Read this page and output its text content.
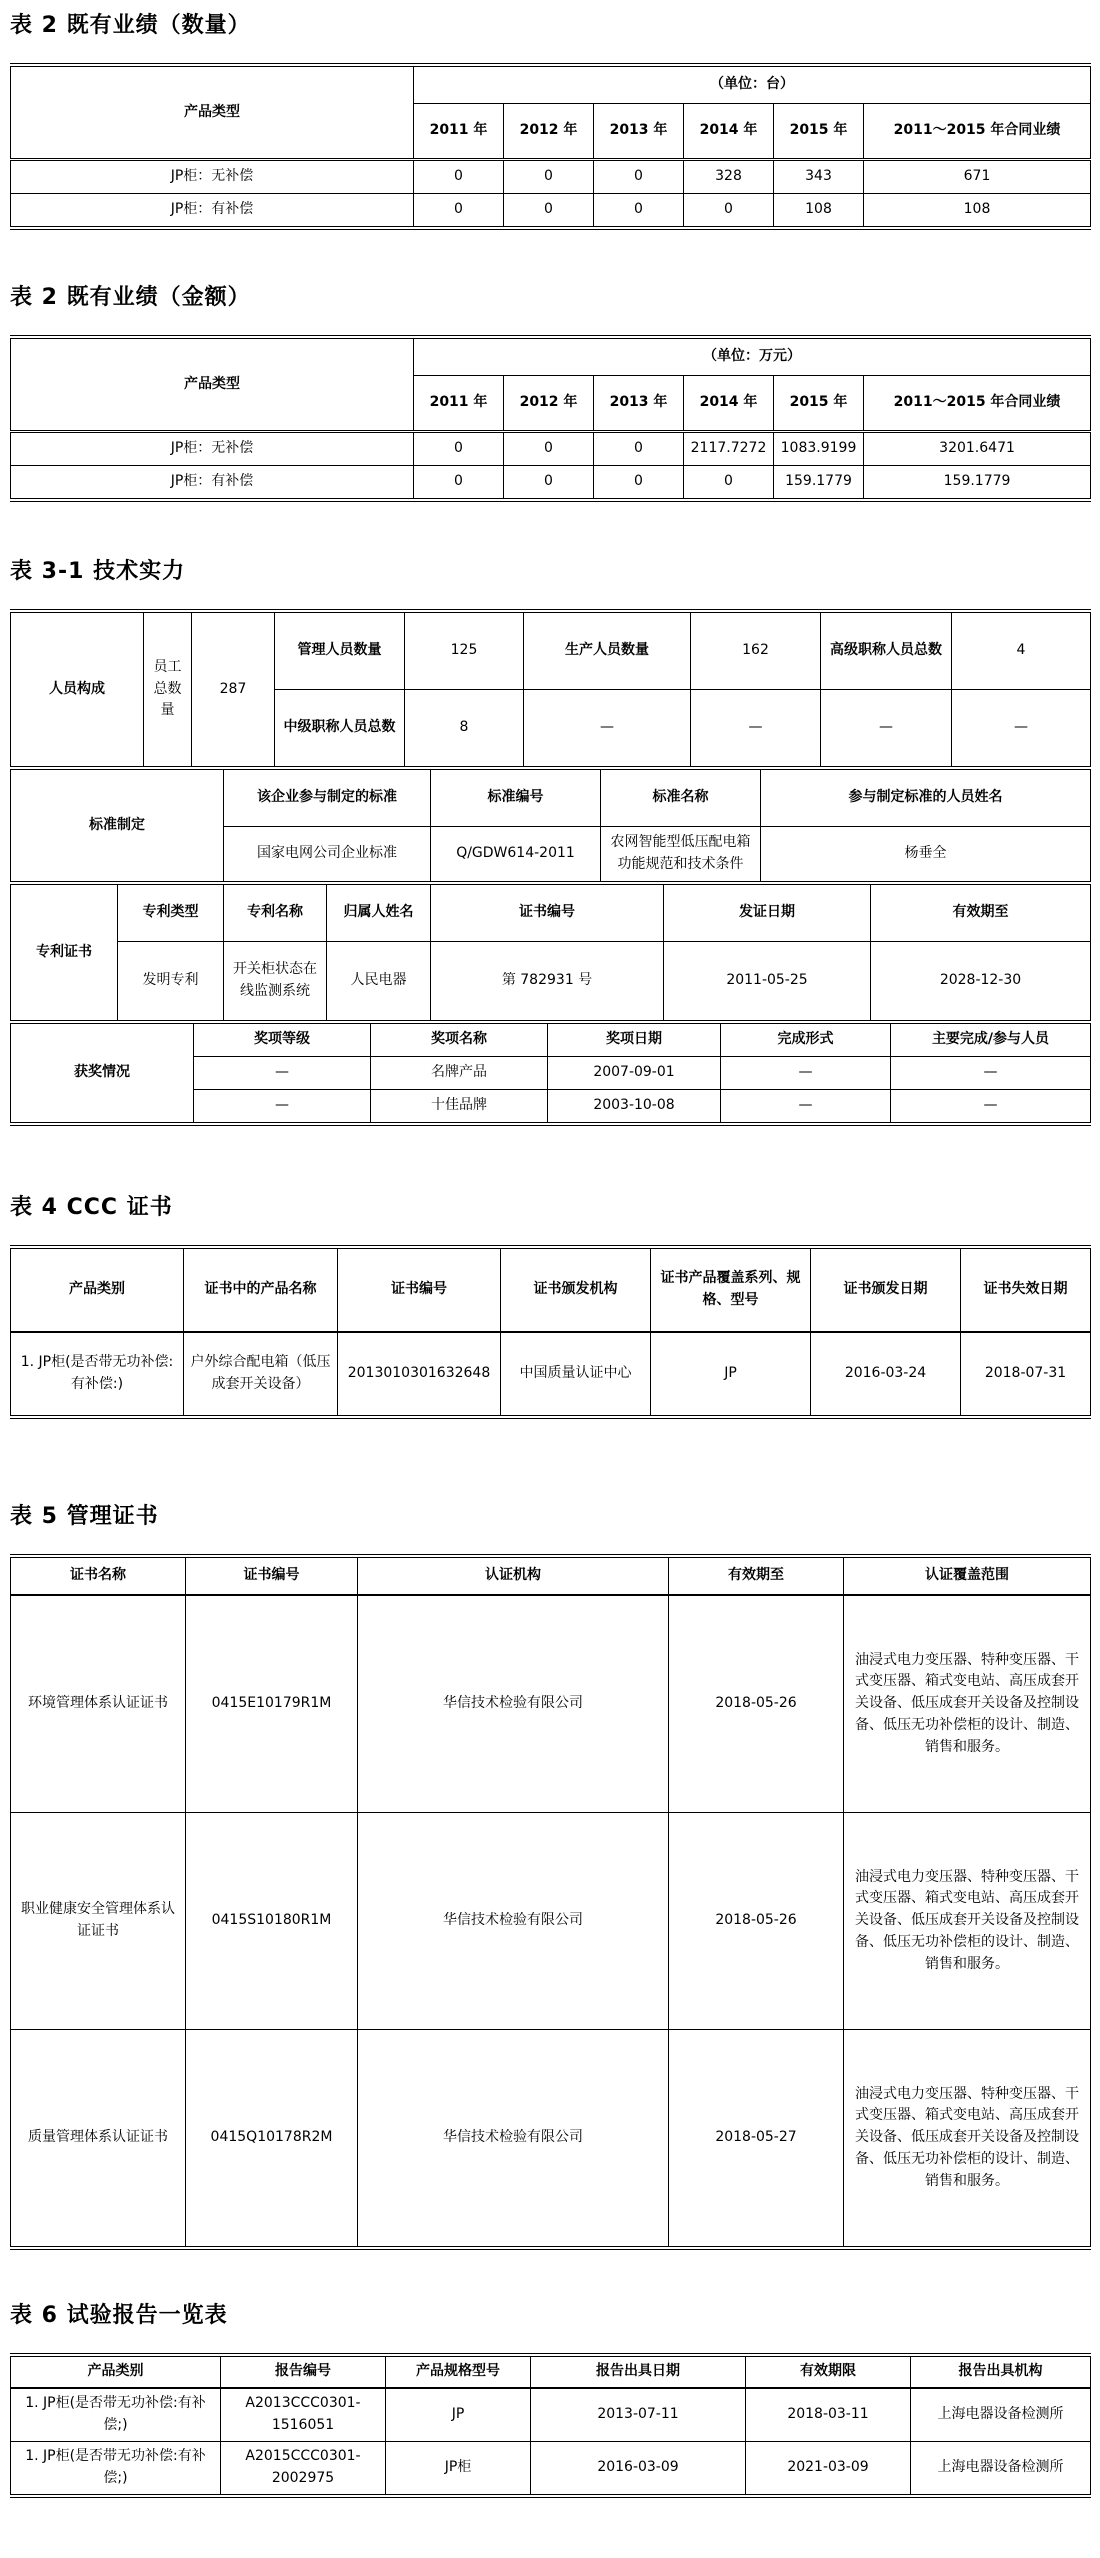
表 2 既有业绩（数量）
产品类型	（单位：台）					
	2011 年	2012 年	2013 年	2014 年	2015 年	2011～2015 年合同业绩
JP柜：无补偿	0	0	0	328	343	671
JP柜：有补偿	0	0	0	0	108	108
表 2 既有业绩（金额）
产品类型	（单位：万元）					
	2011 年	2012 年	2013 年	2014 年	2015 年	2011～2015 年合同业绩
JP柜：无补偿	0	0	0	2117.7272	1083.9199	3201.6471
JP柜：有补偿	0	0	0	0	159.1779	159.1779
表 3-1 技术实力
人员构成	员工总数量	287	管理人员数量	125	生产人员数量	162	高级职称人员总数	4
			中级职称人员总数	8	—	—	—	—
标准制定	该企业参与制定的标准	标准编号	标准名称	参与制定标准的人员姓名
	国家电网公司企业标准	Q/GDW614-2011	农网智能型低压配电箱功能规范和技术条件	杨垂全
专利证书	专利类型	专利名称	归属人姓名	证书编号	发证日期	有效期至
	发明专利	开关柜状态在线监测系统	人民电器	第 782931 号	2011-05-25	2028-12-30
获奖情况	奖项等级	奖项名称	奖项日期	完成形式	主要完成/参与人员
	—	名牌产品	2007-09-01	—	—
	—	十佳品牌	2003-10-08	—	—
表 4 CCC 证书
产品类别	证书中的产品名称	证书编号	证书颁发机构	证书产品覆盖系列、规格、型号	证书颁发日期	证书失效日期
1. JP柜(是否带无功补偿:有补偿:)	户外综合配电箱（低压成套开关设备）	2013010301632648	中国质量认证中心	JP	2016-03-24	2018-07-31
表 5 管理证书
证书名称	证书编号	认证机构	有效期至	认证覆盖范围
环境管理体系认证证书	0415E10179R1M	华信技术检验有限公司	2018-05-26	油浸式电力变压器、特种变压器、干式变压器、箱式变电站、高压成套开关设备、低压成套开关设备及控制设备、低压无功补偿柜的设计、制造、销售和服务。
职业健康安全管理体系认证证书	0415S10180R1M	华信技术检验有限公司	2018-05-26	油浸式电力变压器、特种变压器、干式变压器、箱式变电站、高压成套开关设备、低压成套开关设备及控制设备、低压无功补偿柜的设计、制造、销售和服务。
质量管理体系认证证书	0415Q10178R2M	华信技术检验有限公司	2018-05-27	油浸式电力变压器、特种变压器、干式变压器、箱式变电站、高压成套开关设备、低压成套开关设备及控制设备、低压无功补偿柜的设计、制造、销售和服务。
表 6 试验报告一览表
产品类别	报告编号	产品规格型号	报告出具日期	有效期限	报告出具机构
1. JP柜(是否带无功补偿:有补偿;)	A2013CCC0301-1516051	JP	2013-07-11	2018-03-11	上海电器设备检测所
1. JP柜(是否带无功补偿:有补偿;)	A2015CCC0301-2002975	JP柜	2016-03-09	2021-03-09	上海电器设备检测所
